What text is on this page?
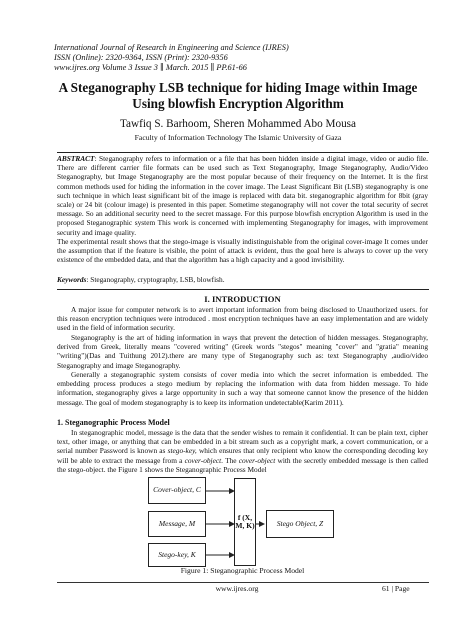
International Journal of Research in Engineering and Science (IJRES)
ISSN (Online): 2320-9364, ISSN (Print): 2320-9356
www.ijres.org Volume 3 Issue 3 ∥ March. 2015 ∥ PP.61-66
A Steganography LSB technique for hiding Image within Image
Using blowfish Encryption Algorithm
Tawfiq S. Barhoom, Sheren Mohammed Abo Mousa
Faculty of Information Technology The Islamic University of Gaza
ABSTRACT: Steganography refers to information or a file that has been hidden inside a digital image, video or audio file. There are different carrier file formats can be used such as Text Steganography, Image Steganography, Audio/Video Steganography, but Image Steganography are the most popular because of their frequency on the Internet. It is the first common methods used for hiding the information in the cover image. The Least Significant Bit (LSB) steganography is one such technique in which least significant bit of the image is replaced with data bit. steganographic algorithm for 8bit (gray scale) or 24 bit (colour image) is presented in this paper. Sometime steganography will not cover the total security of secret message. So an additional security need to the secret massage. For this purpose blowfish encryption Algorithm is used in the proposed Steganographic system This work is concerned with implementing Steganography for images, with improvement security and image quality.
The experimental result shows that the stego-image is visually indistinguishable from the original cover-image It comes under the assumption that if the feature is visible, the point of attack is evident, thus the goal here is always to cover up the very existence of the embedded data, and that the algorithm has a high capacity and a good invisibility.
Keywords: Steganography, cryptography, LSB, blowfish.
I. INTRODUCTION
A major issue for computer network is to avert important information from being disclosed to Unauthorized users. for this reason encryption techniques were introduced . most encryption techniques have an easy implementation and are widely used in the field of information security.
Steganography is the art of hiding information in ways that prevent the detection of hidden messages. Steganography, derived from Greek, literally means "covered writing" (Greek words "stegos" meaning "cover" and "gratia" meaning "writing")(Das and Tuithung 2012).there are many type of Steganography such as: text Steganography ,audio/video Steganography and image Steganography.
Generally a steganographic system consists of cover media into which the secret information is embedded. The embedding process produces a stego medium by replacing the information with data from hidden message. To hide information, steganography gives a large opportunity in such a way that someone cannot know the presence of the hidden message. The goal of modem steganography is to keep its information undetectable(Karim 2011).
1. Steganographic Process Model
In steganographic model, message is the data that the sender wishes to remain it confidential. It can be plain text, cipher text, other image, or anything that can be embedded in a bit stream such as a copyright mark, a covert communication, or a serial number Password is known as stego-key, which ensures that only recipient who know the corresponding decoding key will be able to extract the message from a cover-object. The cover-object with the secretly embedded message is then called the stego-object. the Figure 1 shows the Steganographic Process Model
Cover-object, C
Message, M
Stego-key, K
f (X, M, K)	Stego Object, Z
Figure 1: Steganographic Process Model
www.ijres.org	61 | Page
